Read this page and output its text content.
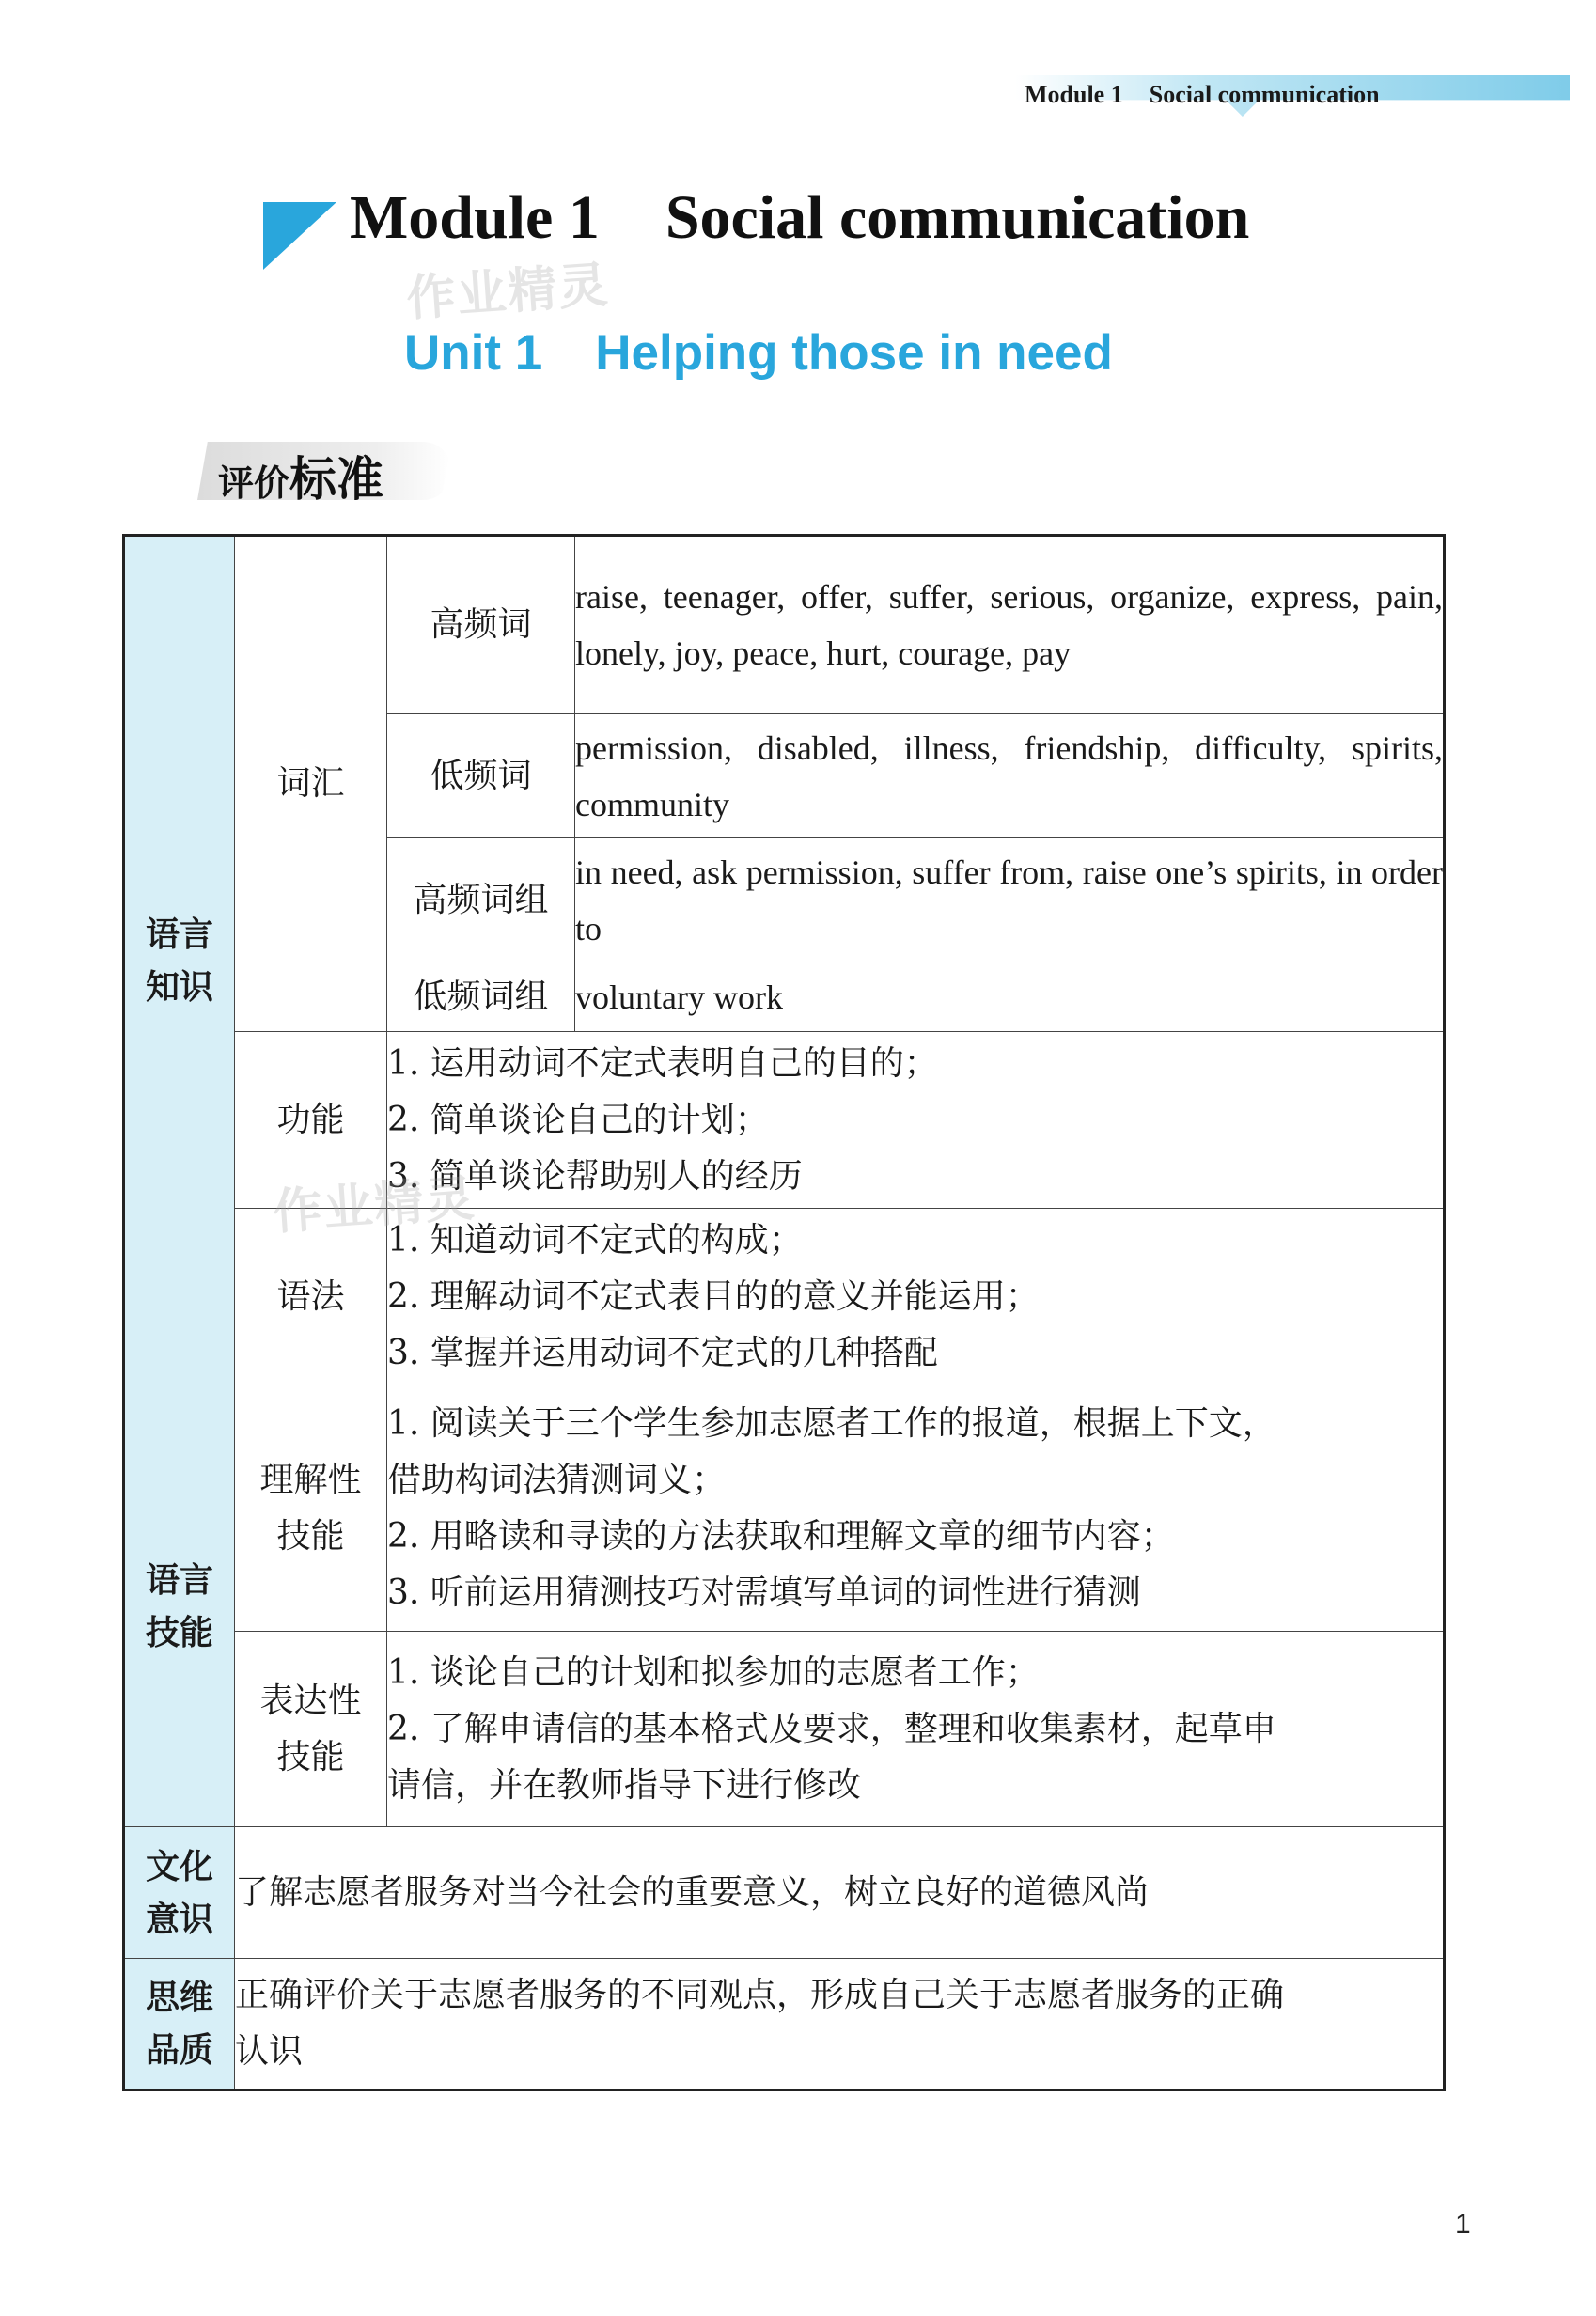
Module 1 Social communication
Module 1 Social communication
作业精灵
Unit 1 Helping those in need
评价标准
语言知识	词汇	高频词	raise, teenager, offer, suffer, serious, organize, express, pain, lonely, joy, peace, hurt, courage, pay
		低频词	permission, disabled, illness, friendship, difficulty, spirits, community
		高频词组	in need, ask permission, suffer from, raise one’s spirits, in order to
		低频词组	voluntary work
	功能	1. 运用动词不定式表明自己的目的；
2. 简单谈论自己的计划；
3. 简单谈论帮助别人的经历	

	语法	1. 知道动词不定式的构成；
2. 理解动词不定式表目的的意义并能运用；
3. 掌握并运用动词不定式的几种搭配	

语言技能	理解性技能	1. 阅读关于三个学生参加志愿者工作的报道，根据上下文，
借助构词法猜测词义；
2. 用略读和寻读的方法获取和理解文章的细节内容；
3. 听前运用猜测技巧对需填写单词的词性进行猜测	

	表达性技能	1. 谈论自己的计划和拟参加的志愿者工作；
2. 了解申请信的基本格式及要求，整理和收集素材，起草申
请信，并在教师指导下进行修改	

文化意识	了解志愿者服务对当今社会的重要意义，树立良好的道德风尚		

思维品质	正确评价关于志愿者服务的不同观点，形成自己关于志愿者服务的正确
认识		
作业精灵
1
